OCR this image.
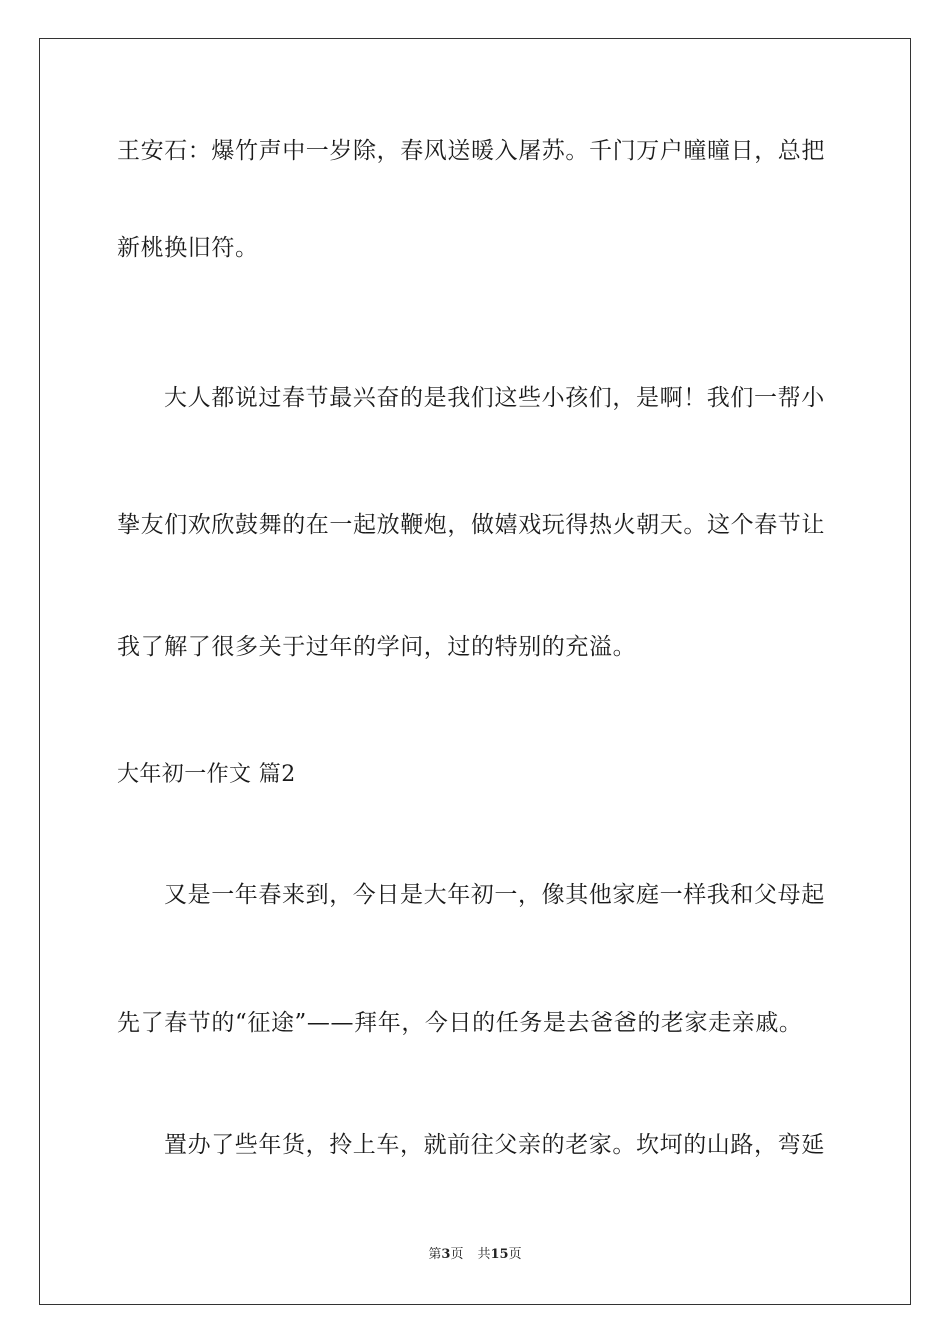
王安石：爆竹声中一岁除，春风送暖入屠苏。千门万户曈曈日，总把
新桃换旧符。
大人都说过春节最兴奋的是我们这些小孩们，是啊！我们一帮小
挚友们欢欣鼓舞的在一起放鞭炮，做嬉戏玩得热火朝天。这个春节让
我了解了很多关于过年的学问，过的特别的充溢。
大年初一作文 篇2
又是一年春来到，今日是大年初一，像其他家庭一样我和父母起
先了春节的“征途”——拜年，今日的任务是去爸爸的老家走亲戚。
置办了些年货，拎上车，就前往父亲的老家。坎坷的山路，弯延
第3页 共15页
